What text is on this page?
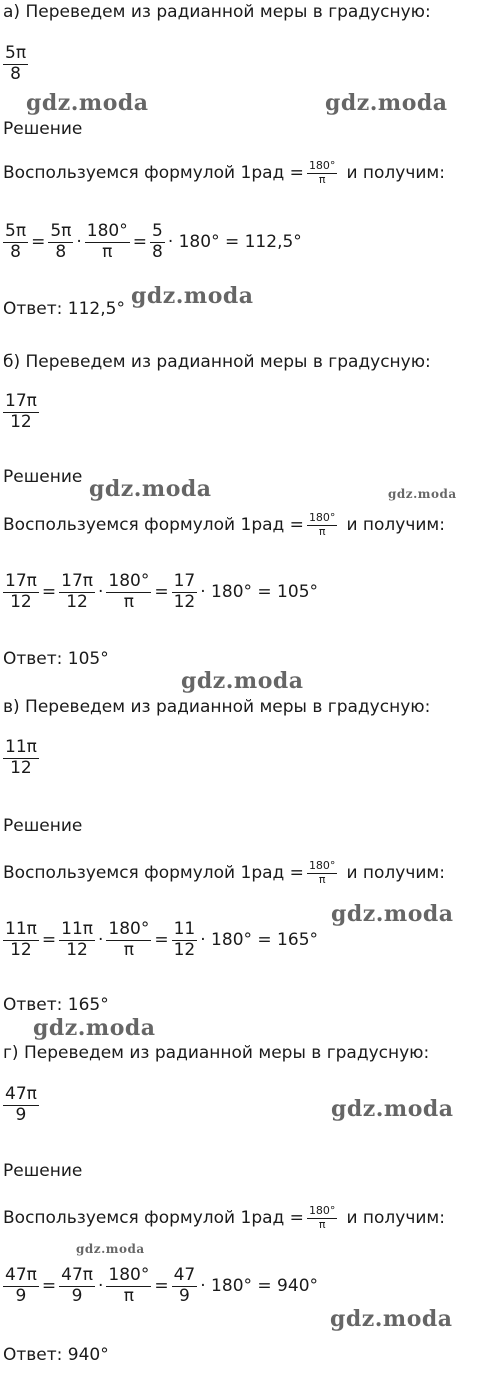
а) Переведем из радианной меры в градусную:
$\frac{5\pi}{8}$
Решение
Воспользуемся формулой $1рад = \frac{180^\circ}{\pi}$ и получим:
$\frac{5\pi}{8} = \frac{5\pi}{8} \cdot \frac{180^\circ}{\pi} = \frac{5}{8} \cdot 180^\circ = 112,5^\circ$
Ответ: 112,5°
б) Переведем из радианной меры в градусную:
$\frac{17\pi}{12}$
Решение
Воспользуемся формулой $1рад = \frac{180^\circ}{\pi}$ и получим:
$\frac{17\pi}{12} = \frac{17\pi}{12} \cdot \frac{180^\circ}{\pi} = \frac{17}{12} \cdot 180^\circ = 105^\circ$
Ответ: 105°
в) Переведем из радианной меры в градусную:
$\frac{11\pi}{12}$
Решение
Воспользуемся формулой $1рад = \frac{180^\circ}{\pi}$ и получим:
$\frac{11\pi}{12} = \frac{11\pi}{12} \cdot \frac{180^\circ}{\pi} = \frac{11}{12} \cdot 180^\circ = 165^\circ$
Ответ: 165°
г) Переведем из радианной меры в градусную:
$\frac{47\pi}{9}$
Решение
Воспользуемся формулой $1рад = \frac{180^\circ}{\pi}$ и получим:
$\frac{47\pi}{9} = \frac{47\pi}{9} \cdot \frac{180^\circ}{\pi} = \frac{47}{9} \cdot 180^\circ = 940^\circ$
Ответ: 940°
gdz.moda	gdz.moda
gdz.moda
gdz.moda	gdz.moda
gdz.moda
gdz.moda
gdz.moda
gdz.moda
gdz.moda
gdz.moda
